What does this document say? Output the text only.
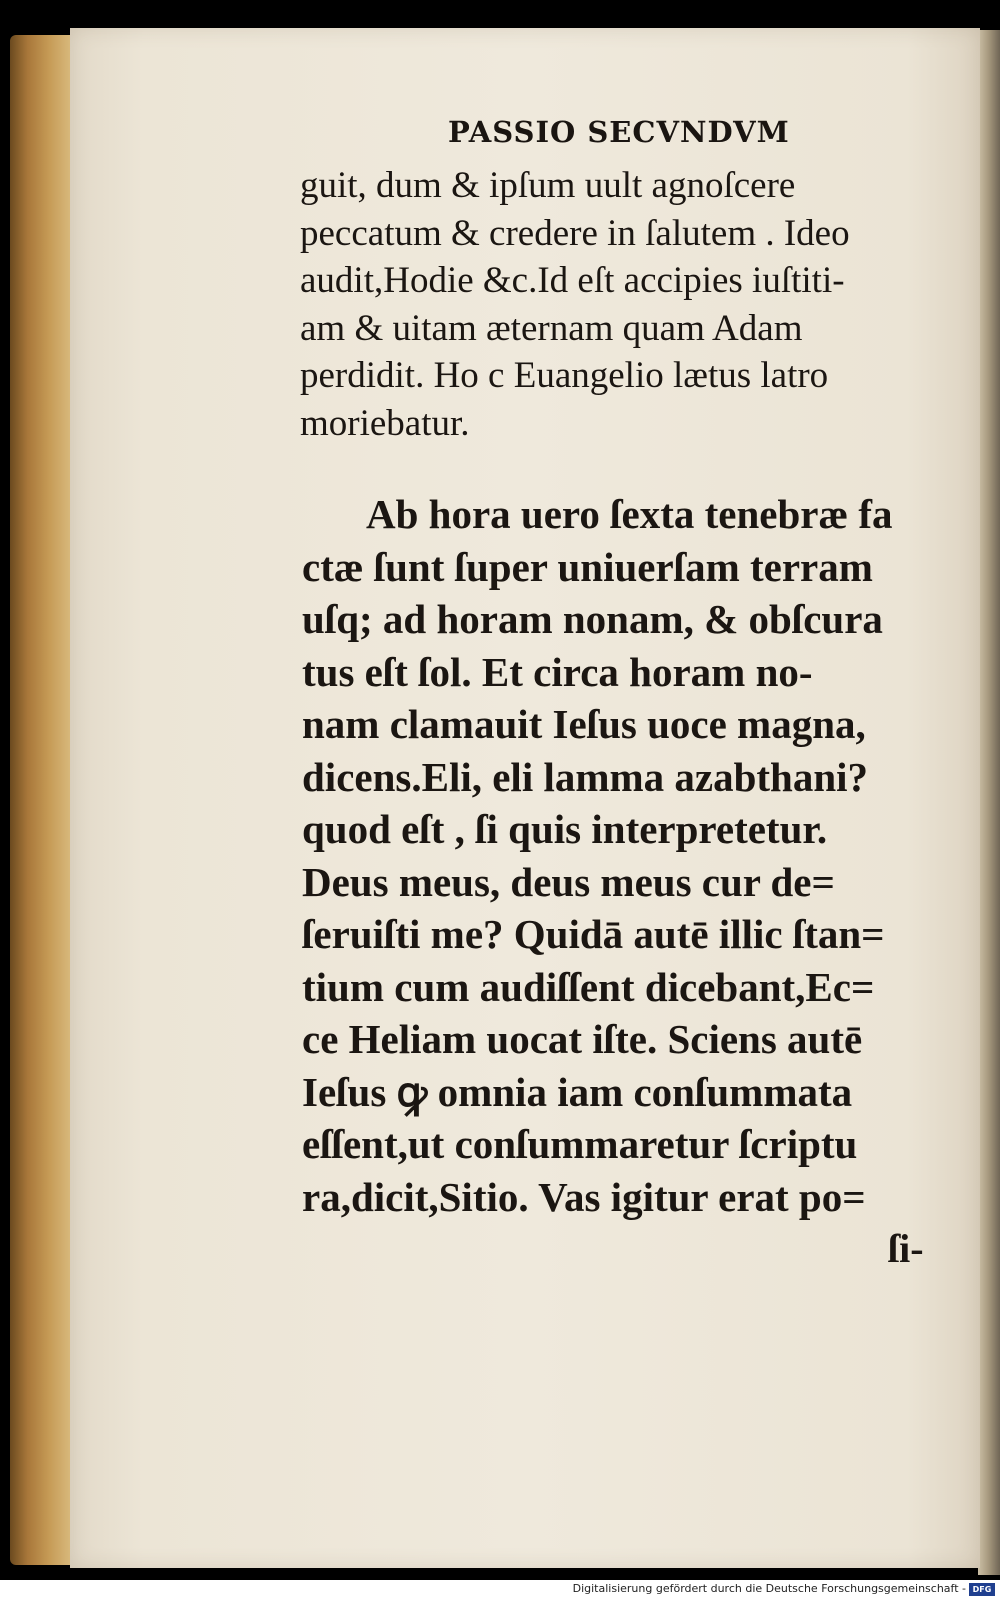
PASSIO SECVNDVM
guit, dum & ipſum uult agnoſcere
peccatum & credere in ſalutem . Ideo
audit,Hodie &c.Id eſt accipies iuſtiti-
am & uitam æternam quam Adam
perdidit. Ho c Euangelio lætus latro
moriebatur.
Ab hora uero ſexta tenebræ fa
ctæ ſunt ſuper uniuerſam terram
uſq; ad horam nonam, & obſcura
tus eſt ſol. Et circa horam no-
nam clamauit Ieſus uoce magna,
dicens.Eli, eli lamma azabthani?
quod eſt , ſi quis interpretetur.
Deus meus, deus meus cur de=
ſeruiſti me? Quidā autē illic ſtan=
tium cum audiſſent dicebant,Ec=
ce Heliam uocat iſte. Sciens autē
Ieſus ꝙ omnia iam conſummata
eſſent,ut conſummaretur ſcriptu
ra,dicit,Sitio. Vas igitur erat po=
ſi-
Digitalisierung gefördert durch die Deutsche Forschungsgemeinschaft - DFG
